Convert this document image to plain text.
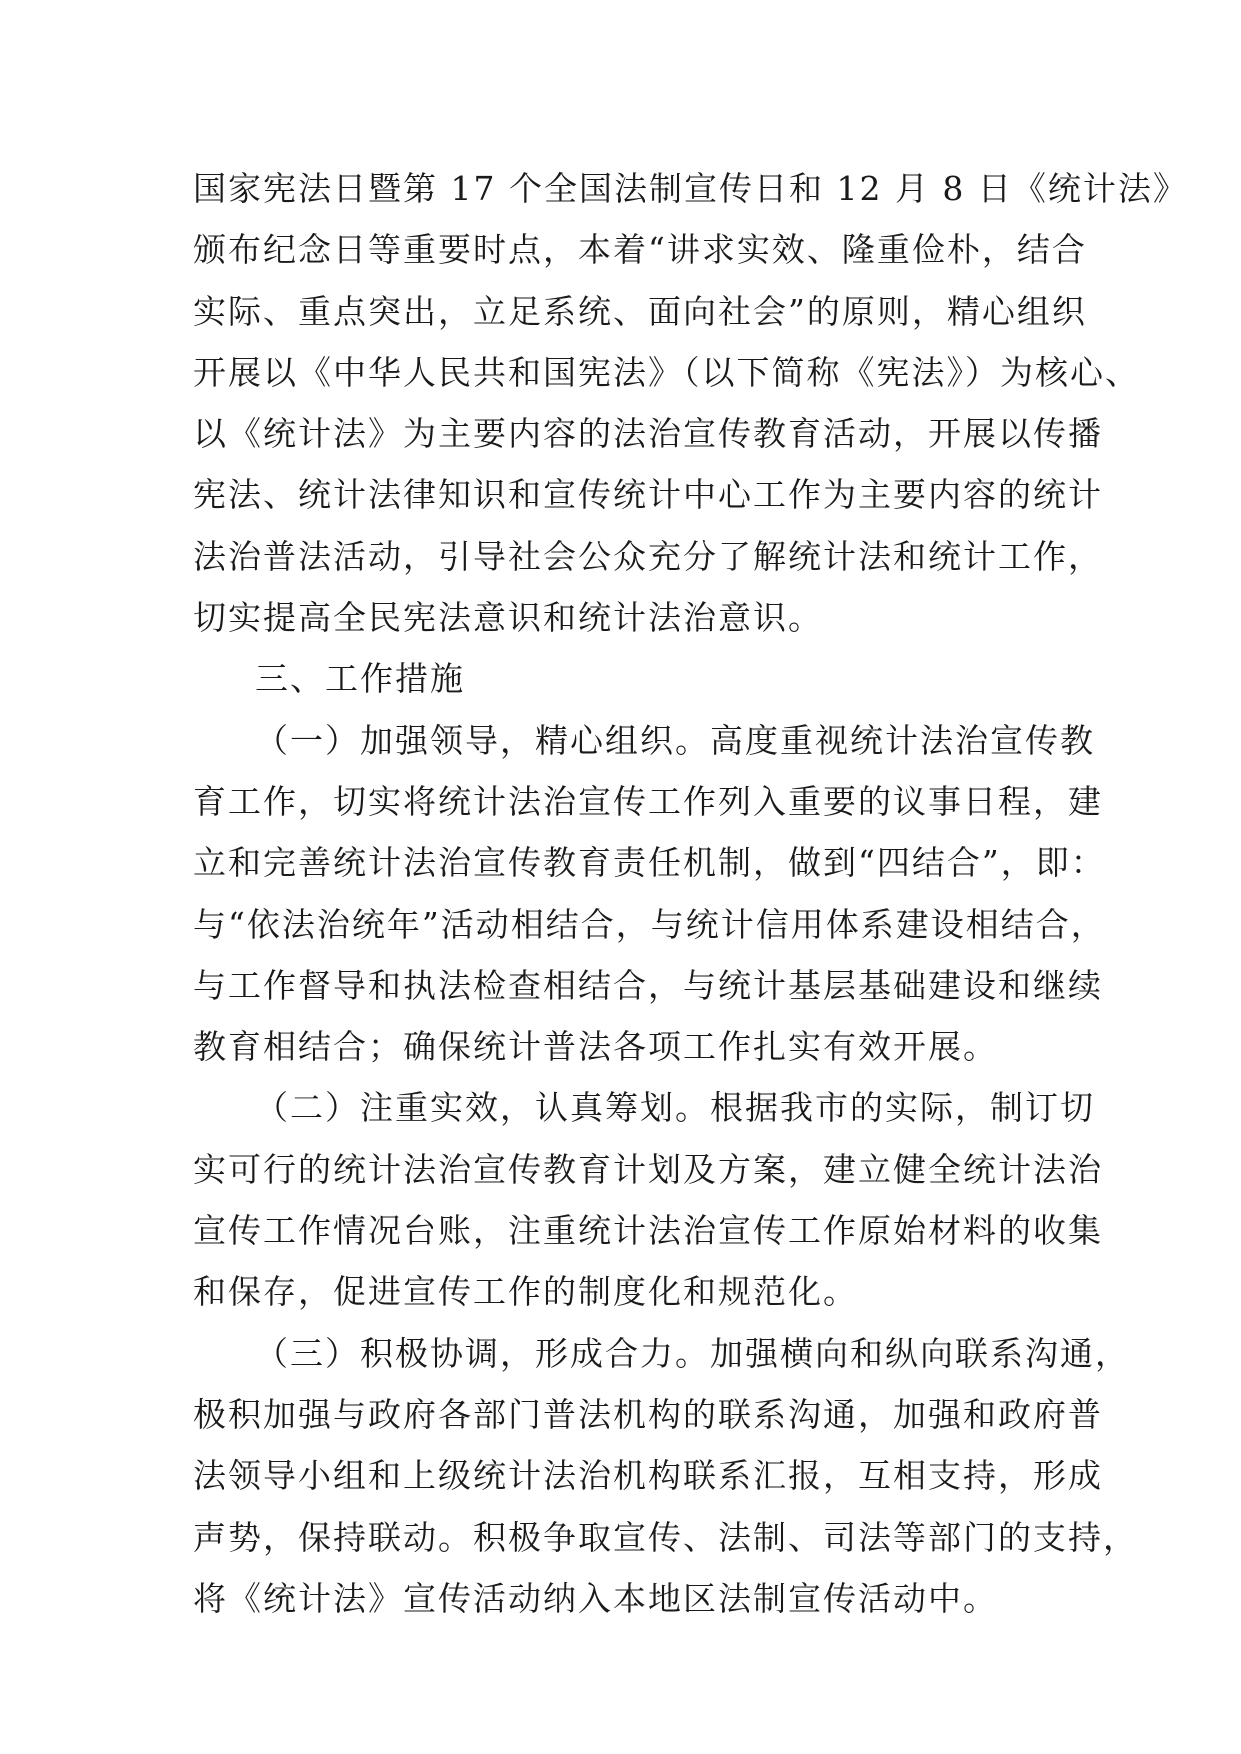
国家宪法日暨第 17 个全国法制宣传日和 12 月 8 日《统计法》
颁布纪念日等重要时点，本着“讲求实效、隆重俭朴，结合
实际、重点突出，立足系统、面向社会”的原则，精心组织
开展以《中华人民共和国宪法》（以下简称《宪法》）为核心、
以《统计法》为主要内容的法治宣传教育活动，开展以传播
宪法、统计法律知识和宣传统计中心工作为主要内容的统计
法治普法活动，引导社会公众充分了解统计法和统计工作，
切实提高全民宪法意识和统计法治意识。
三、工作措施
（一）加强领导，精心组织。高度重视统计法治宣传教
育工作，切实将统计法治宣传工作列入重要的议事日程，建
立和完善统计法治宣传教育责任机制，做到“四结合”，即：
与“依法治统年”活动相结合，与统计信用体系建设相结合，
与工作督导和执法检查相结合，与统计基层基础建设和继续
教育相结合；确保统计普法各项工作扎实有效开展。
（二）注重实效，认真筹划。根据我市的实际，制订切
实可行的统计法治宣传教育计划及方案，建立健全统计法治
宣传工作情况台账，注重统计法治宣传工作原始材料的收集
和保存，促进宣传工作的制度化和规范化。
（三）积极协调，形成合力。加强横向和纵向联系沟通，
极积加强与政府各部门普法机构的联系沟通，加强和政府普
法领导小组和上级统计法治机构联系汇报，互相支持，形成
声势，保持联动。积极争取宣传、法制、司法等部门的支持，
将《统计法》宣传活动纳入本地区法制宣传活动中。
